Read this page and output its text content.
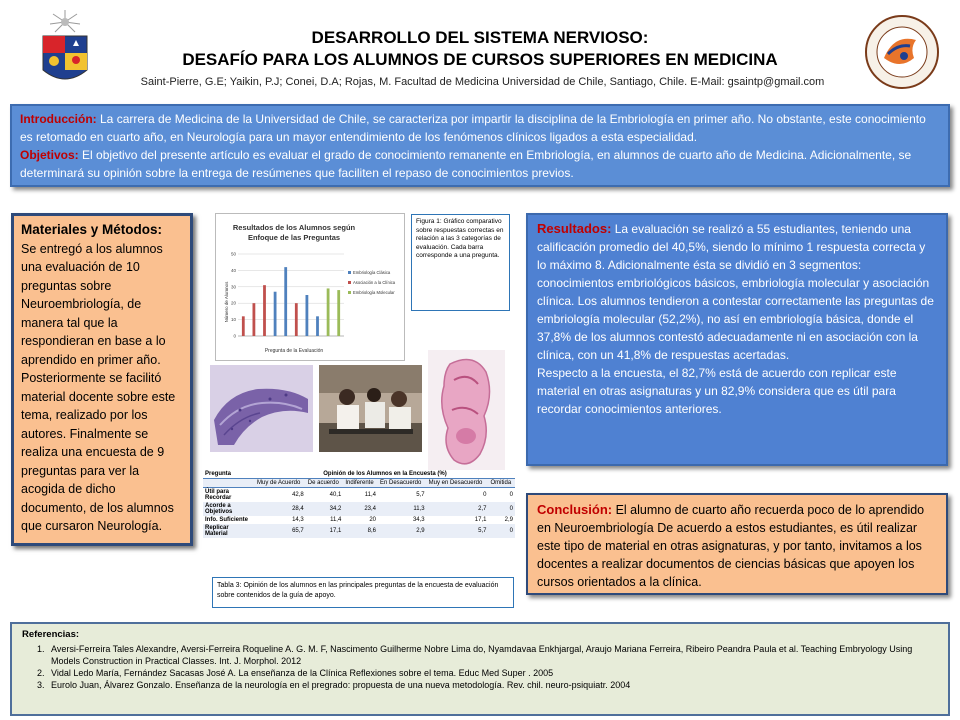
DESARROLLO DEL SISTEMA NERVIOSO:
DESAFÍO PARA LOS ALUMNOS DE CURSOS SUPERIORES EN MEDICINA
Saint-Pierre, G.E; Yaikin, P.J; Conei, D.A; Rojas, M. Facultad de Medicina Universidad de Chile, Santiago, Chile. E-Mail: gsaintp@gmail.com
Introducción: La carrera de Medicina de la Universidad de Chile, se caracteriza por impartir la disciplina de la Embriología en primer año. No obstante, este conocimiento es retomado en cuarto año, en Neurología para un mayor entendimiento de los fenómenos clínicos ligados a esta especialidad.
Objetivos: El objetivo del presente artículo es evaluar el grado de conocimiento remanente en Embriología, en alumnos de cuarto año de Medicina. Adicionalmente, se determinará su opinión sobre la entrega de resúmenes que faciliten el repaso de conocimientos previos.
Materiales y Métodos:
Se entregó a los alumnos una evaluación de 10 preguntas sobre Neuroembriología, de manera tal que la respondieran en base a lo aprendido en primer año. Posteriormente se facilitó material docente sobre este tema, realizado por los autores. Finalmente se realiza una encuesta de 9 preguntas para ver la acogida de dicho documento, de los alumnos que cursaron Neurología.
Resultados de los Alumnos según
Enfoque de las Preguntas
0
10
20
30
40
50
Embriología Clásica
Asociación a la Clínica
Embriología Molecular
Pregunta de la Evaluación
Número de Alumnos
Figura 1: Gráfico comparativo sobre respuestas correctas en relación a las 3 categorías de evaluación. Cada barra corresponde a una pregunta.
Pregunta	Opinión de los Alumnos en la Encuesta (%)					
	Muy de Acuerdo	De acuerdo	Indiferente	En Desacuerdo	Muy en Desacuerdo	Omitida
Útil para Recordar	42,8	40,1	11,4	5,7	0	0
Acorde a Objetivos	28,4	34,2	23,4	11,3	2,7	0
Info. Suficiente	14,3	11,4	20	34,3	17,1	2,9
Replicar Material	65,7	17,1	8,6	2,9	5,7	0
Tabla 3: Opinión de los alumnos en las principales preguntas de la encuesta de evaluación sobre contenidos de la guía de apoyo.
Resultados: La evaluación se realizó a 55 estudiantes, teniendo una calificación promedio del 40,5%, siendo lo mínimo 1 respuesta correcta y lo máximo 8. Adicionalmente ésta se dividió en 3 segmentos: conocimientos embriológicos básicos, embriología molecular y asociación clínica. Los alumnos tendieron a contestar correctamente las preguntas de embriología molecular (52,2%), no así en embriología básica, donde el 37,8% de los alumnos contestó adecuadamente ni en asociación con la clínica, con un 41,8% de respuestas acertadas.
Respecto a la encuesta, el 82,7% está de acuerdo con replicar este material en otras asignaturas y un 82,9% considera que es útil para recordar conocimientos anteriores.
Conclusión: El alumno de cuarto año recuerda poco de lo aprendido en Neuroembriología De acuerdo a estos estudiantes, es útil realizar este tipo de material en otras asignaturas, y por tanto, invitamos a los docentes a realizar documentos de ciencias básicas que apoyen los cursos orientados a la clínica.
Referencias:
1. Aversi-Ferreira Tales Alexandre, Aversi-Ferreira Roqueline A. G. M. F, Nascimento Guilherme Nobre Lima do, Nyamdavaa Enkhjargal, Araujo Mariana Ferreira, Ribeiro Peandra Paula et al. Teaching Embryology Using Models Construction in Practical Classes. Int. J. Morphol. 2012
2. Vidal Ledo María, Fernández Sacasas José A. La enseñanza de la Clínica Reflexiones sobre el tema. Educ Med Super . 2005
3. Eurolo Juan, Álvarez Gonzalo. Enseñanza de la neurología en el pregrado: propuesta de una nueva metodología. Rev. chil. neuro-psiquiatr. 2004
